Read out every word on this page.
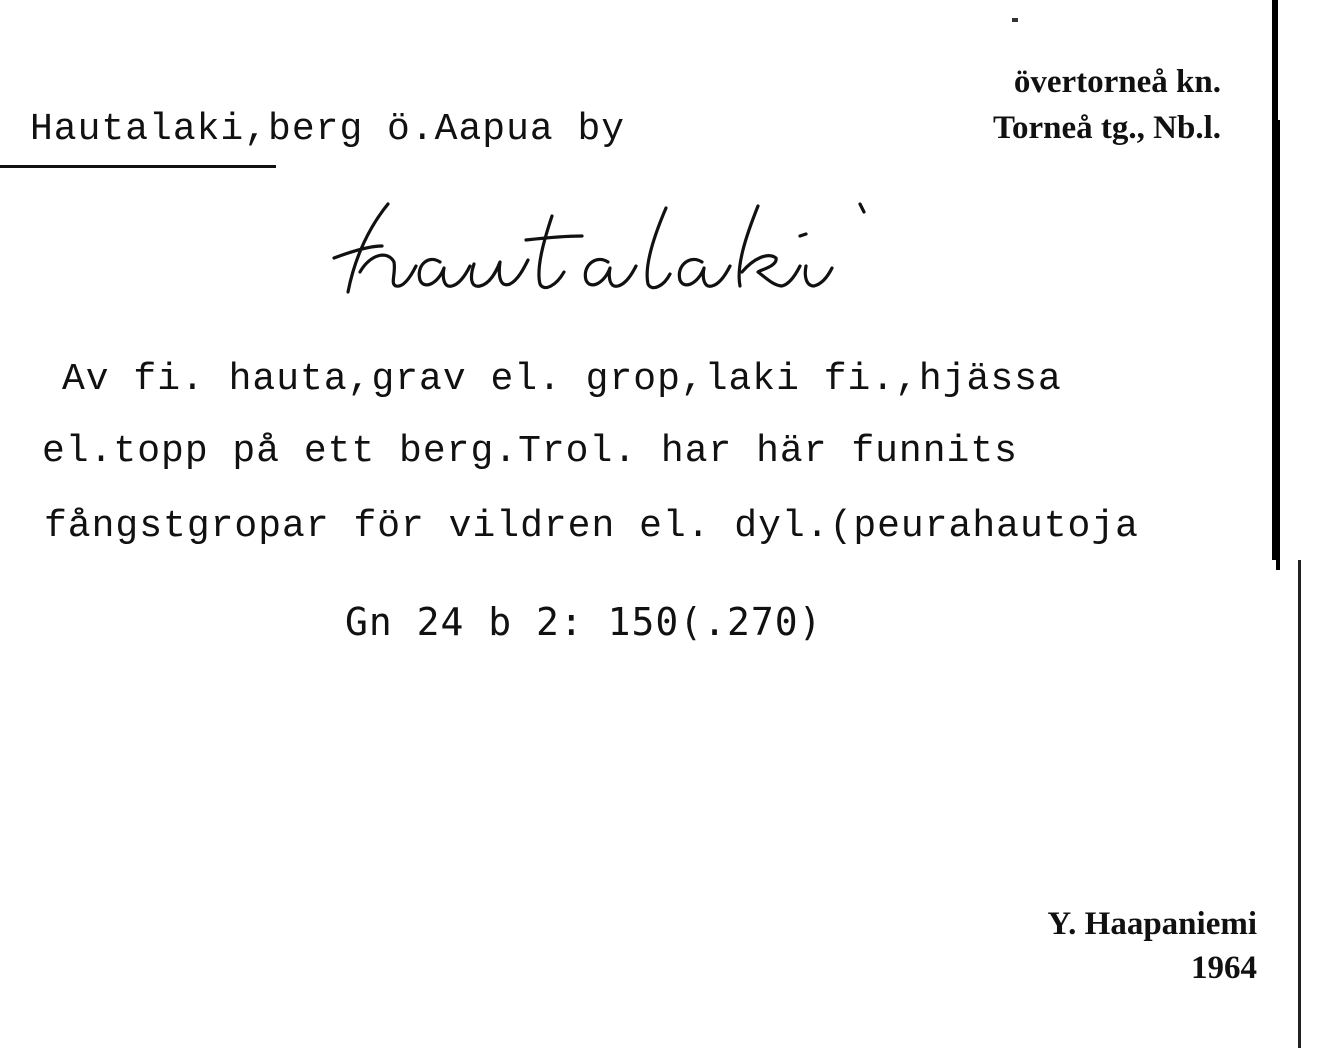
Hautalaki,berg ö.Aapua by
övertorneå kn.
Torneå tg., Nb.l.
Av fi. hauta,grav el. grop,laki fi.,hjässa
el.topp på ett berg.Trol. har här funnits
fångstgropar för vildren el. dyl.(peurahautoja
Gn 24 b 2: 150(.270)
Y. Haapaniemi
1964
